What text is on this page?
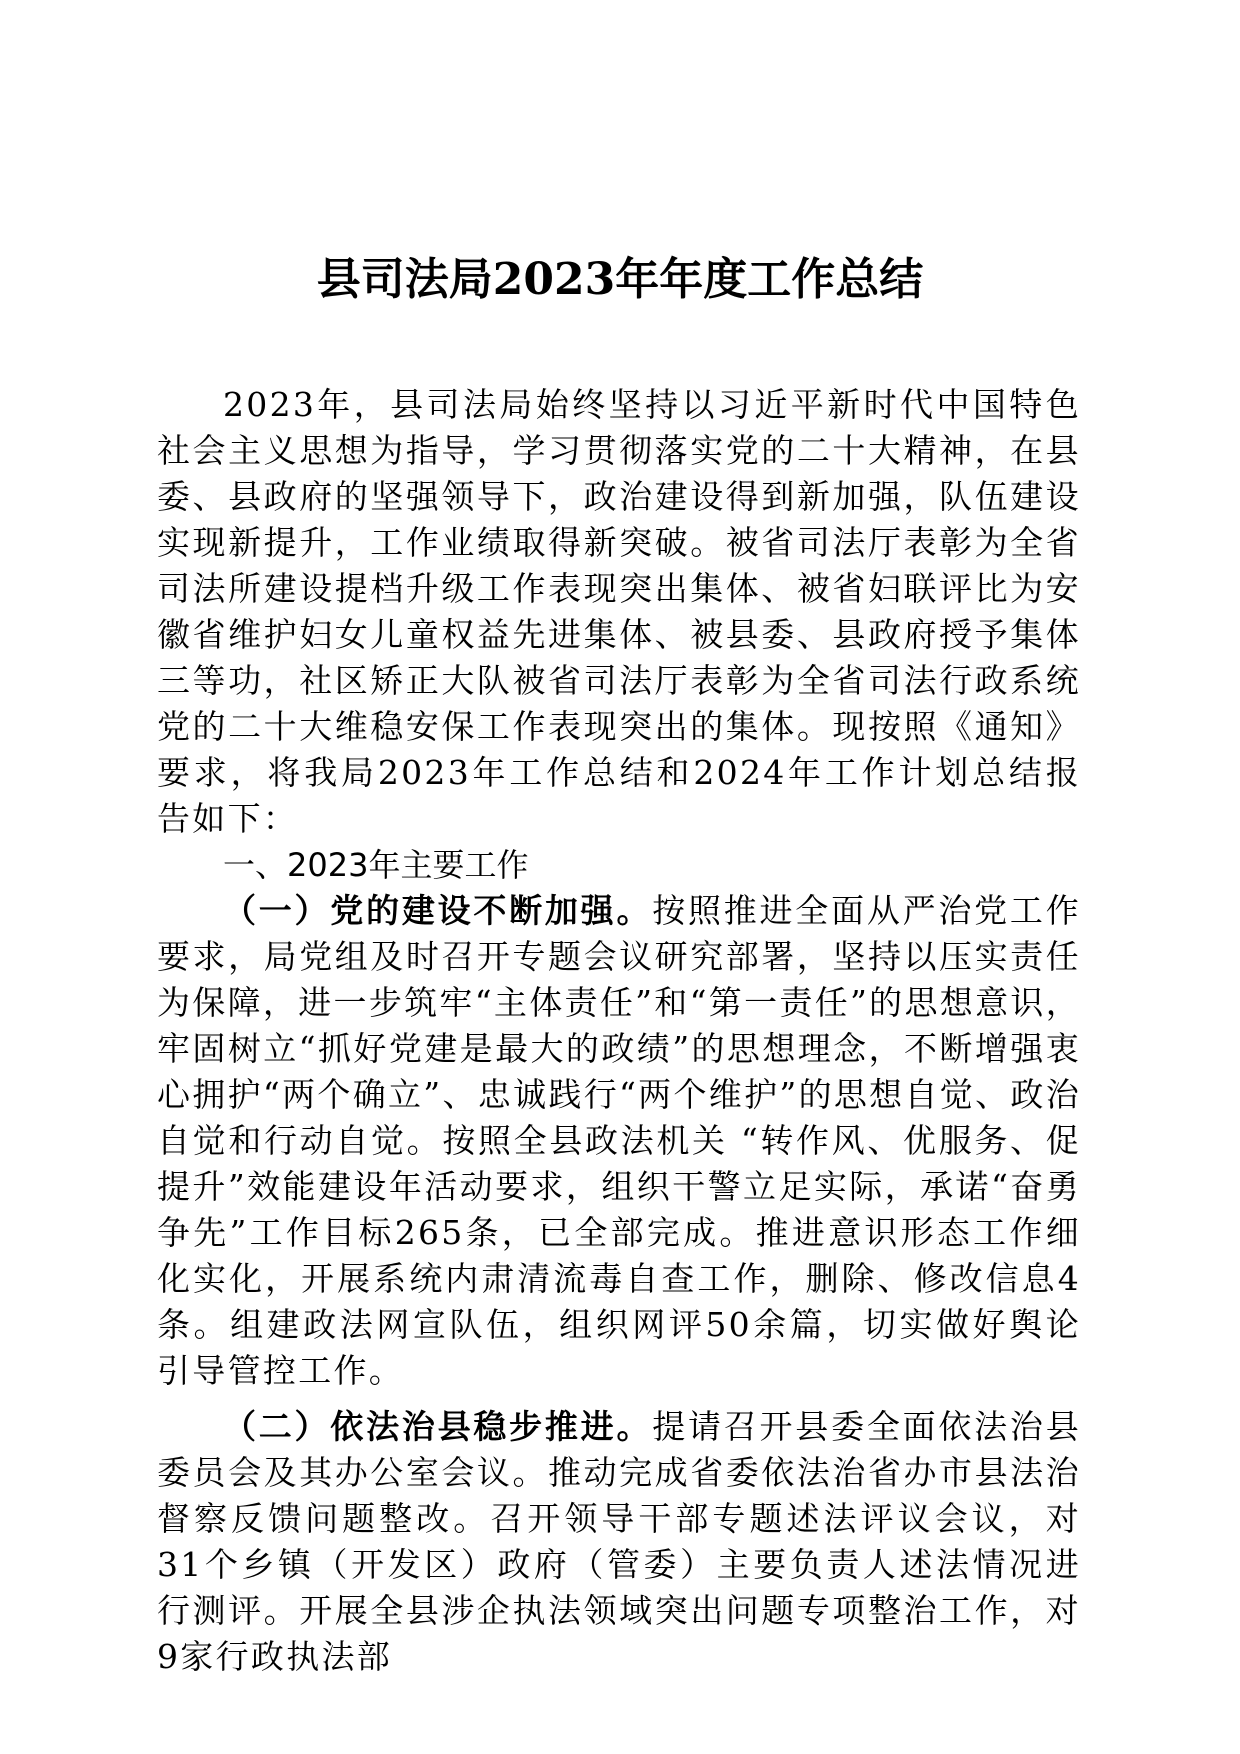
县司法局2023年年度工作总结

2023年，县司法局始终坚持以习近平新时代中国特色社会主义思想为指导，学习贯彻落实党的二十大精神，在县委、县政府的坚强领导下，政治建设得到新加强，队伍建设实现新提升，工作业绩取得新突破。被省司法厅表彰为全省司法所建设提档升级工作表现突出集体、被省妇联评比为安徽省维护妇女儿童权益先进集体、被县委、县政府授予集体三等功，社区矫正大队被省司法厅表彰为全省司法行政系统党的二十大维稳安保工作表现突出的集体。现按照《通知》要求，将我局2023年工作总结和2024年工作计划总结报告如下：

一、2023年主要工作

（一）党的建设不断加强。按照推进全面从严治党工作要求，局党组及时召开专题会议研究部署，坚持以压实责任为保障，进一步筑牢“主体责任”和“第一责任”的思想意识，牢固树立“抓好党建是最大的政绩”的思想理念，不断增强衷心拥护“两个确立”、忠诚践行“两个维护”的思想自觉、政治自觉和行动自觉。按照全县政法机关 “转作风、优服务、促提升”效能建设年活动要求，组织干警立足实际，承诺“奋勇争先”工作目标265条，已全部完成。推进意识形态工作细化实化，开展系统内肃清流毒自查工作，删除、修改信息4条。组建政法网宣队伍，组织网评50余篇，切实做好舆论引导管控工作。

（二）依法治县稳步推进。提请召开县委全面依法治县委员会及其办公室会议。推动完成省委依法治省办市县法治督察反馈问题整改。召开领导干部专题述法评议会议，对31个乡镇（开发区）政府（管委）主要负责人述法情况进行测评。开展全县涉企执法领域突出问题专项整治工作，对9家行政执法部
